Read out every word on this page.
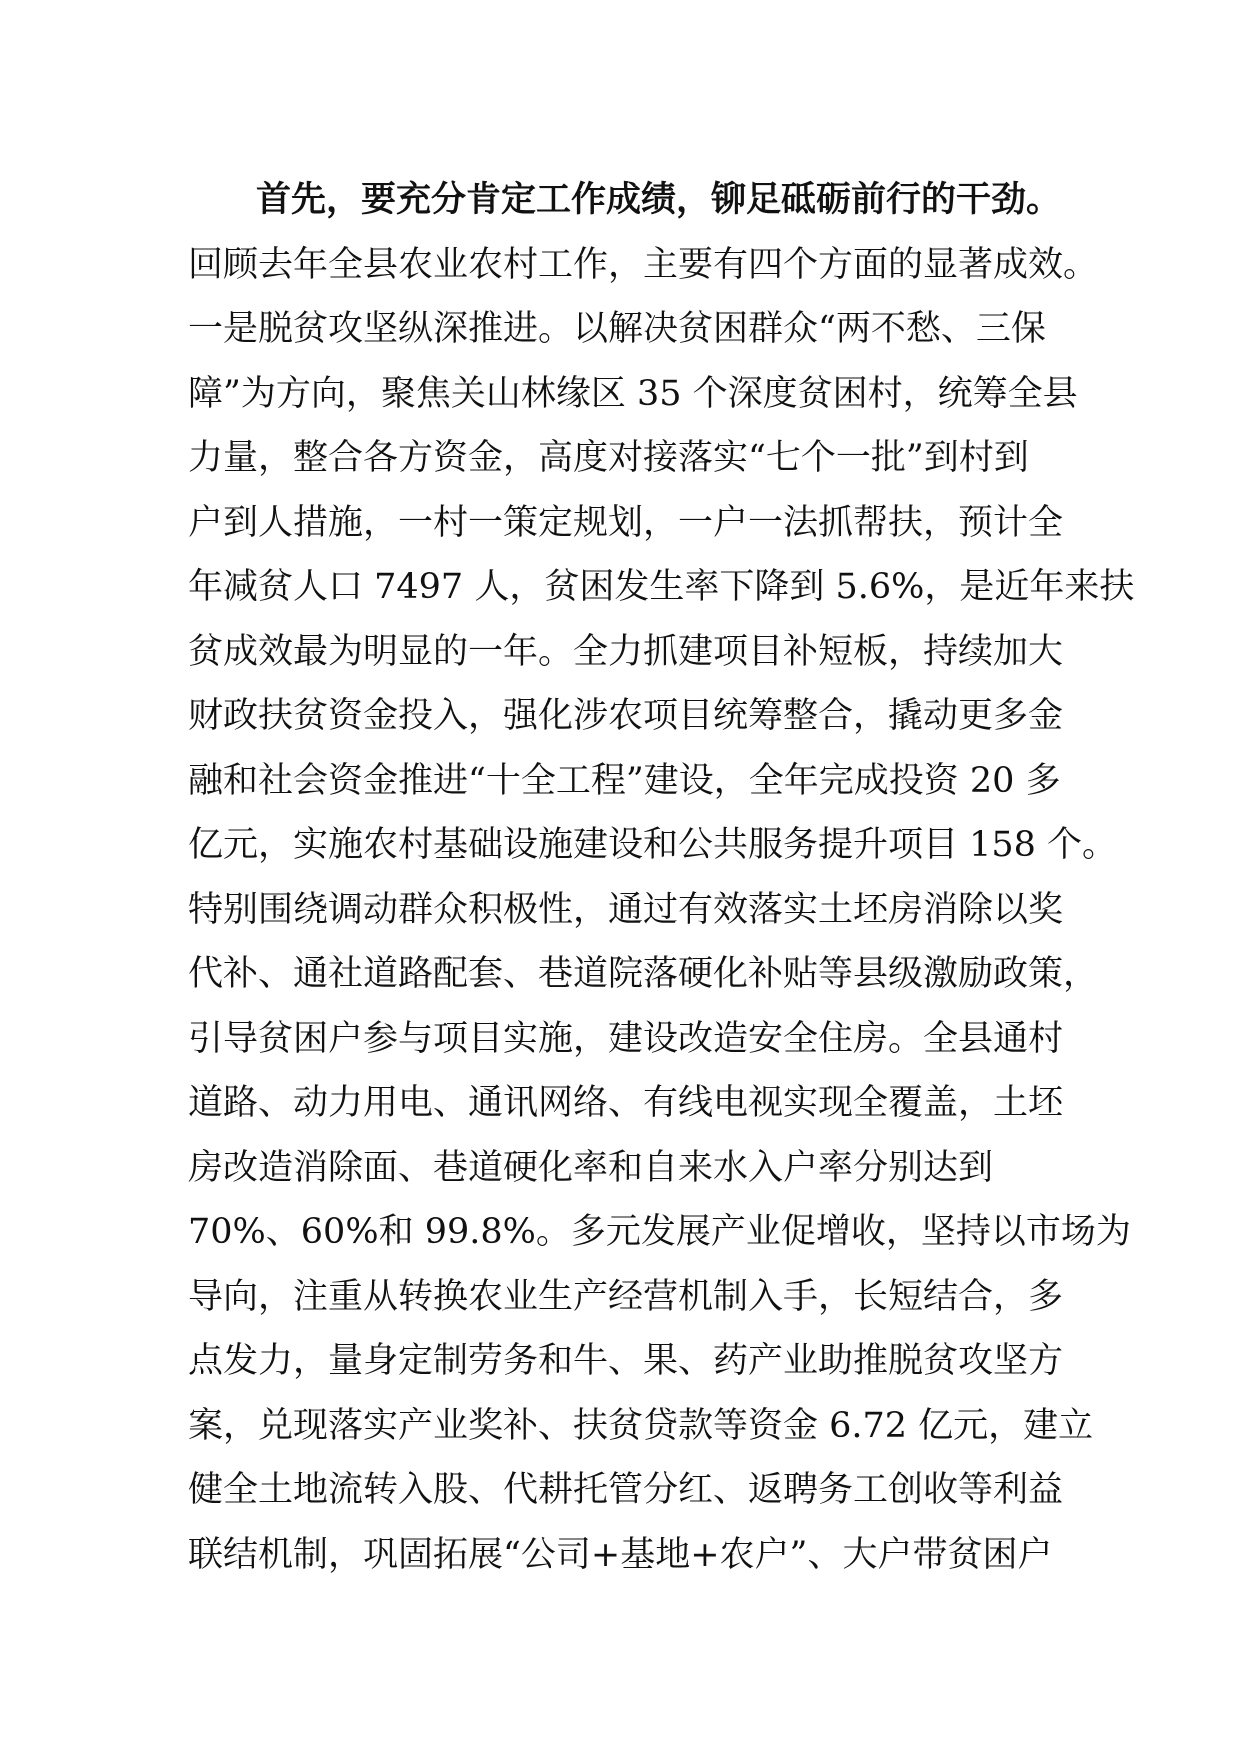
首先，要充分肯定工作成绩，铆足砥砺前行的干劲。
回顾去年全县农业农村工作，主要有四个方面的显著成效。
一是脱贫攻坚纵深推进。以解决贫困群众“两不愁、三保
障”为方向，聚焦关山林缘区 35 个深度贫困村，统筹全县
力量，整合各方资金，高度对接落实“七个一批”到村到
户到人措施，一村一策定规划，一户一法抓帮扶，预计全
年减贫人口 7497 人，贫困发生率下降到 5.6%，是近年来扶
贫成效最为明显的一年。全力抓建项目补短板，持续加大
财政扶贫资金投入，强化涉农项目统筹整合，撬动更多金
融和社会资金推进“十全工程”建设，全年完成投资 20 多
亿元，实施农村基础设施建设和公共服务提升项目 158 个。
特别围绕调动群众积极性，通过有效落实土坯房消除以奖
代补、通社道路配套、巷道院落硬化补贴等县级激励政策，
引导贫困户参与项目实施，建设改造安全住房。全县通村
道路、动力用电、通讯网络、有线电视实现全覆盖，土坯
房改造消除面、巷道硬化率和自来水入户率分别达到
70%、60%和 99.8%。多元发展产业促增收，坚持以市场为
导向，注重从转换农业生产经营机制入手，长短结合，多
点发力，量身定制劳务和牛、果、药产业助推脱贫攻坚方
案，兑现落实产业奖补、扶贫贷款等资金 6.72 亿元，建立
健全土地流转入股、代耕托管分红、返聘务工创收等利益
联结机制，巩固拓展“公司+基地+农户”、大户带贫困户
